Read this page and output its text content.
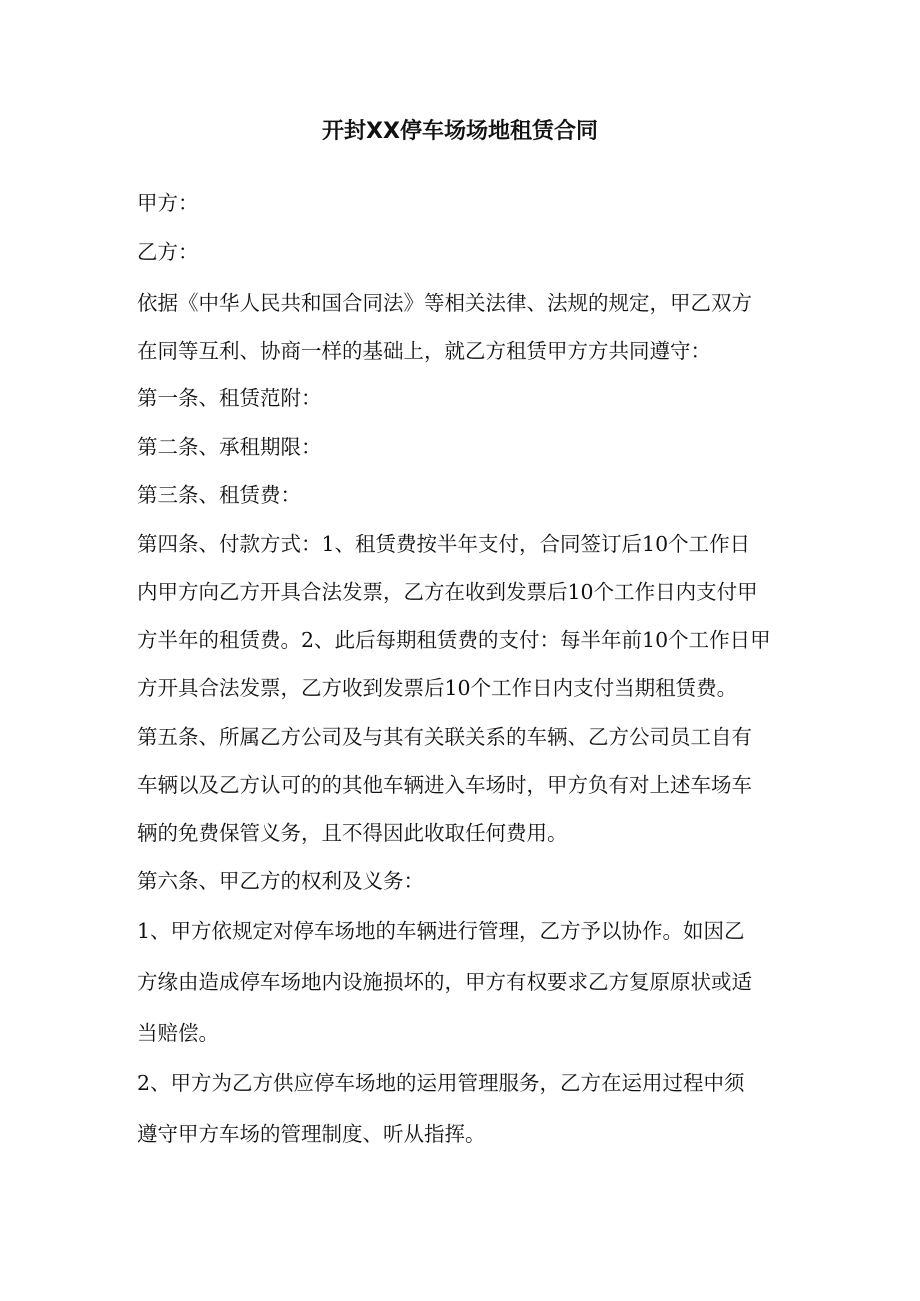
开封XX停车场场地租赁合同
甲方：
乙方：
依据《中华人民共和国合同法》等相关法律、法规的规定，甲乙双方
在同等互利、协商一样的基础上，就乙方租赁甲方方共同遵守：
第一条、租赁范附：
第二条、承租期限：
第三条、租赁费：
第四条、付款方式：1、租赁费按半年支付，合同签订后10个工作日
内甲方向乙方开具合法发票，乙方在收到发票后10个工作日内支付甲
方半年的租赁费。2、此后每期租赁费的支付：每半年前10个工作日甲
方开具合法发票，乙方收到发票后10个工作日内支付当期租赁费。
第五条、所属乙方公司及与其有关联关系的车辆、乙方公司员工自有
车辆以及乙方认可的的其他车辆进入车场时，甲方负有对上述车场车
辆的免费保管义务，且不得因此收取任何费用。
第六条、甲乙方的权利及义务：
1、甲方依规定对停车场地的车辆进行管理，乙方予以协作。如因乙
方缘由造成停车场地内设施损坏的，甲方有权要求乙方复原原状或适
当赔偿。
2、甲方为乙方供应停车场地的运用管理服务，乙方在运用过程中须
遵守甲方车场的管理制度、听从指挥。
